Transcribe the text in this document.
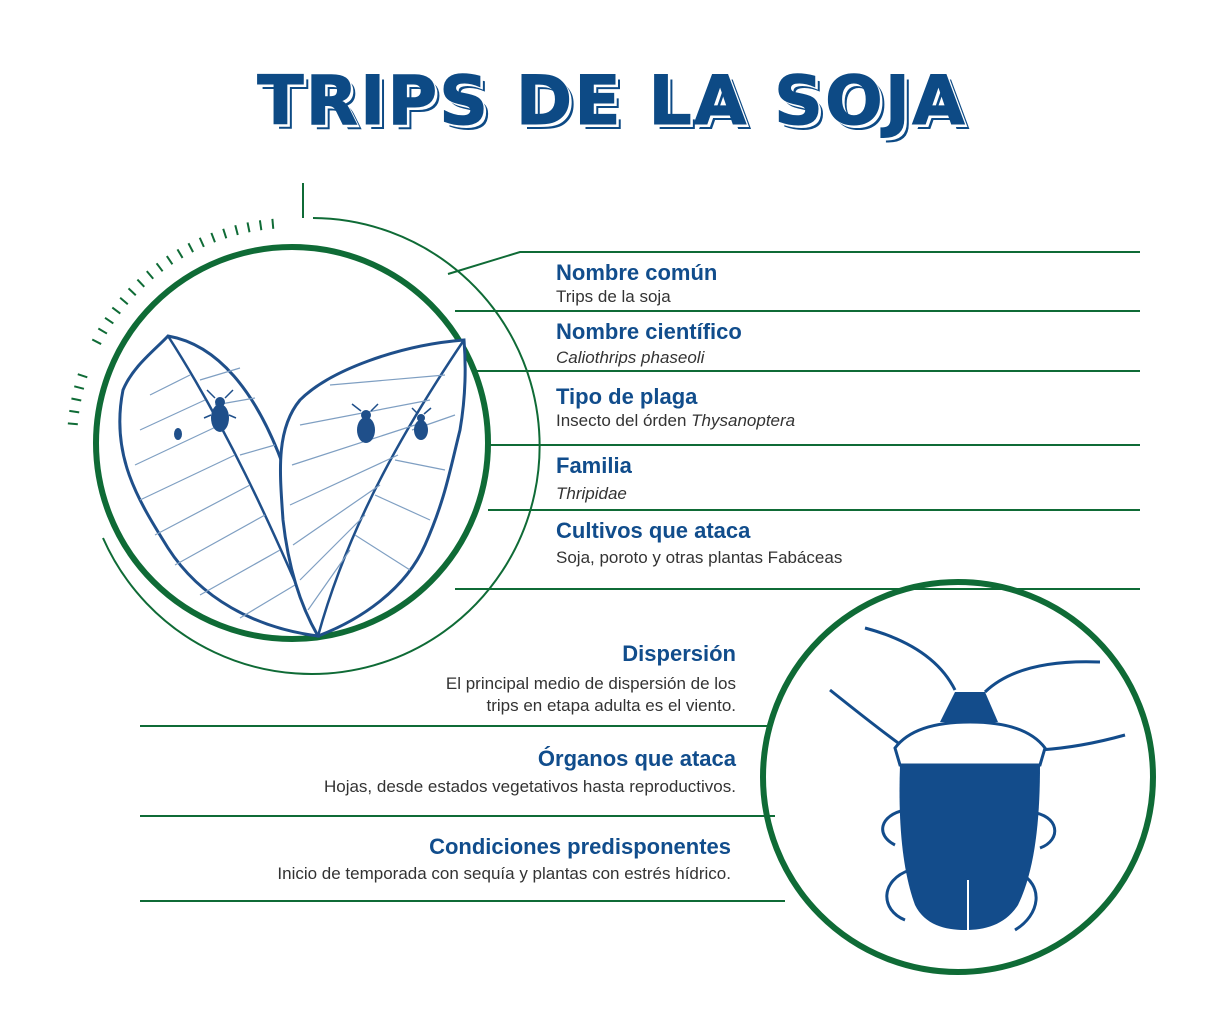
TRIPS DE LA SOJA
Nombre común
Trips de la soja
Nombre científico
Caliothrips phaseoli
Tipo de plaga
Insecto del órden Thysanoptera
Familia
Thripidae
Cultivos que ataca
Soja, poroto y otras plantas Fabáceas
Dispersión
El principal medio de dispersión de los
trips en etapa adulta es el viento.
Órganos que ataca
Hojas, desde estados vegetativos hasta reproductivos.
Condiciones predisponentes
Inicio de temporada con sequía y plantas con estrés hídrico.
